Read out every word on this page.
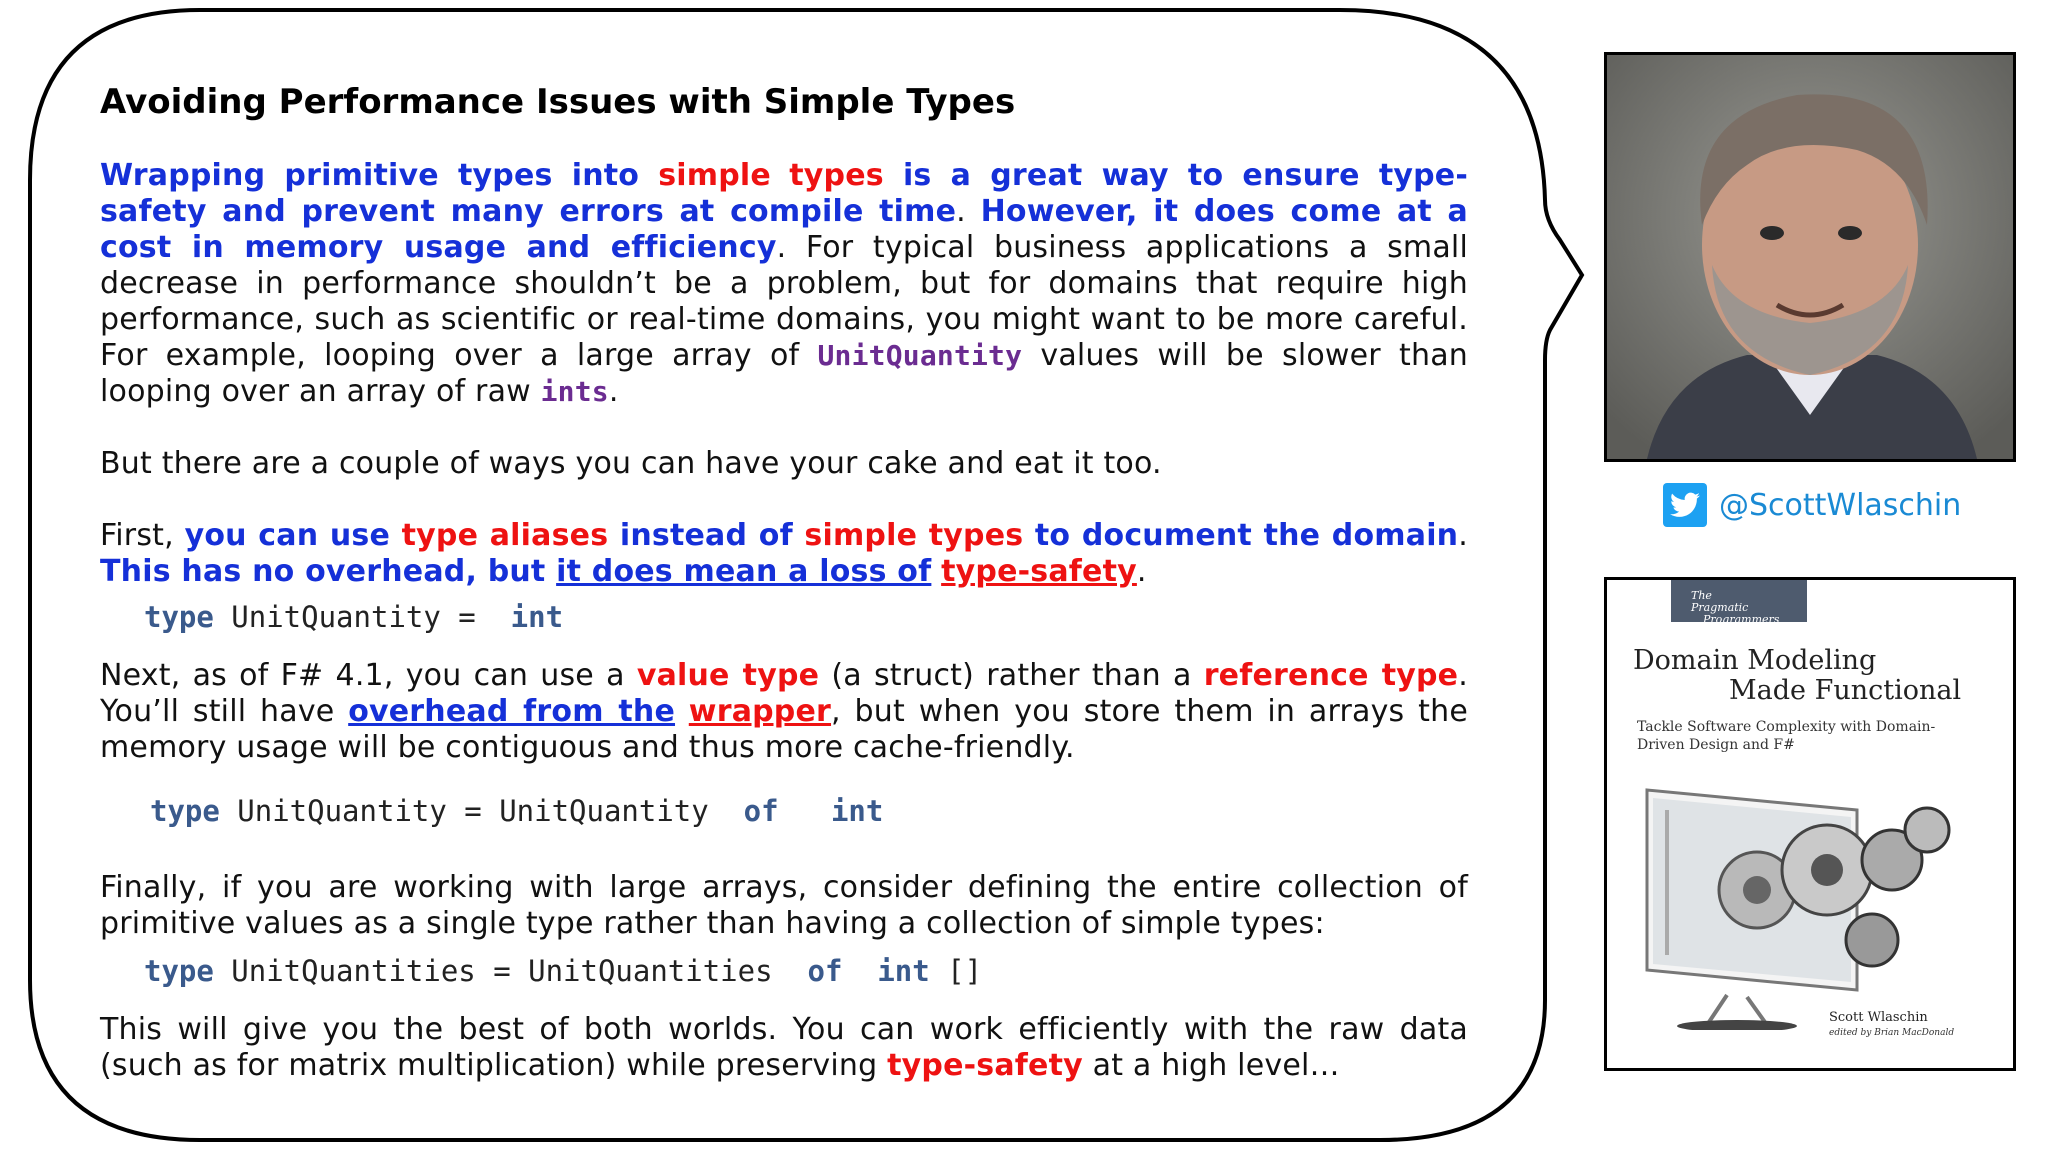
Avoiding Performance Issues with Simple Types

Wrapping primitive types into simple types is a great way to ensure type-safety and prevent many errors at compile time. However, it does come at a cost in memory usage and efficiency. For typical business applications a small decrease in performance shouldn’t be a problem, but for domains that require high performance, such as scientific or real-time domains, you might want to be more careful. For example, looping over a large array of UnitQuantity values will be slower than looping over an array of raw ints.

But there are a couple of ways you can have your cake and eat it too.

First, you can use type aliases instead of simple types to document the domain. This has no overhead, but it does mean a loss of type-safety.

type UnitQuantity =  int

Next, as of F# 4.1, you can use a value type (a struct) rather than a reference type. You’ll still have overhead from the wrapper, but when you store them in arrays the memory usage will be contiguous and thus more cache-friendly.

type UnitQuantity = UnitQuantity  of int

Finally, if you are working with large arrays, consider defining the entire collection of primitive values as a single type rather than having a collection of simple types:

type UnitQuantities = UnitQuantities  of int []

This will give you the best of both worlds. You can work efficiently with the raw data (such as for matrix multiplication) while preserving type-safety at a high level…

@ScottWlaschin
The
Pragmatic
Programmers
Domain Modeling
Made Functional
Tackle Software Complexity with Domain-Driven Design and F#
Scott Wlaschin
edited by Brian MacDonald
